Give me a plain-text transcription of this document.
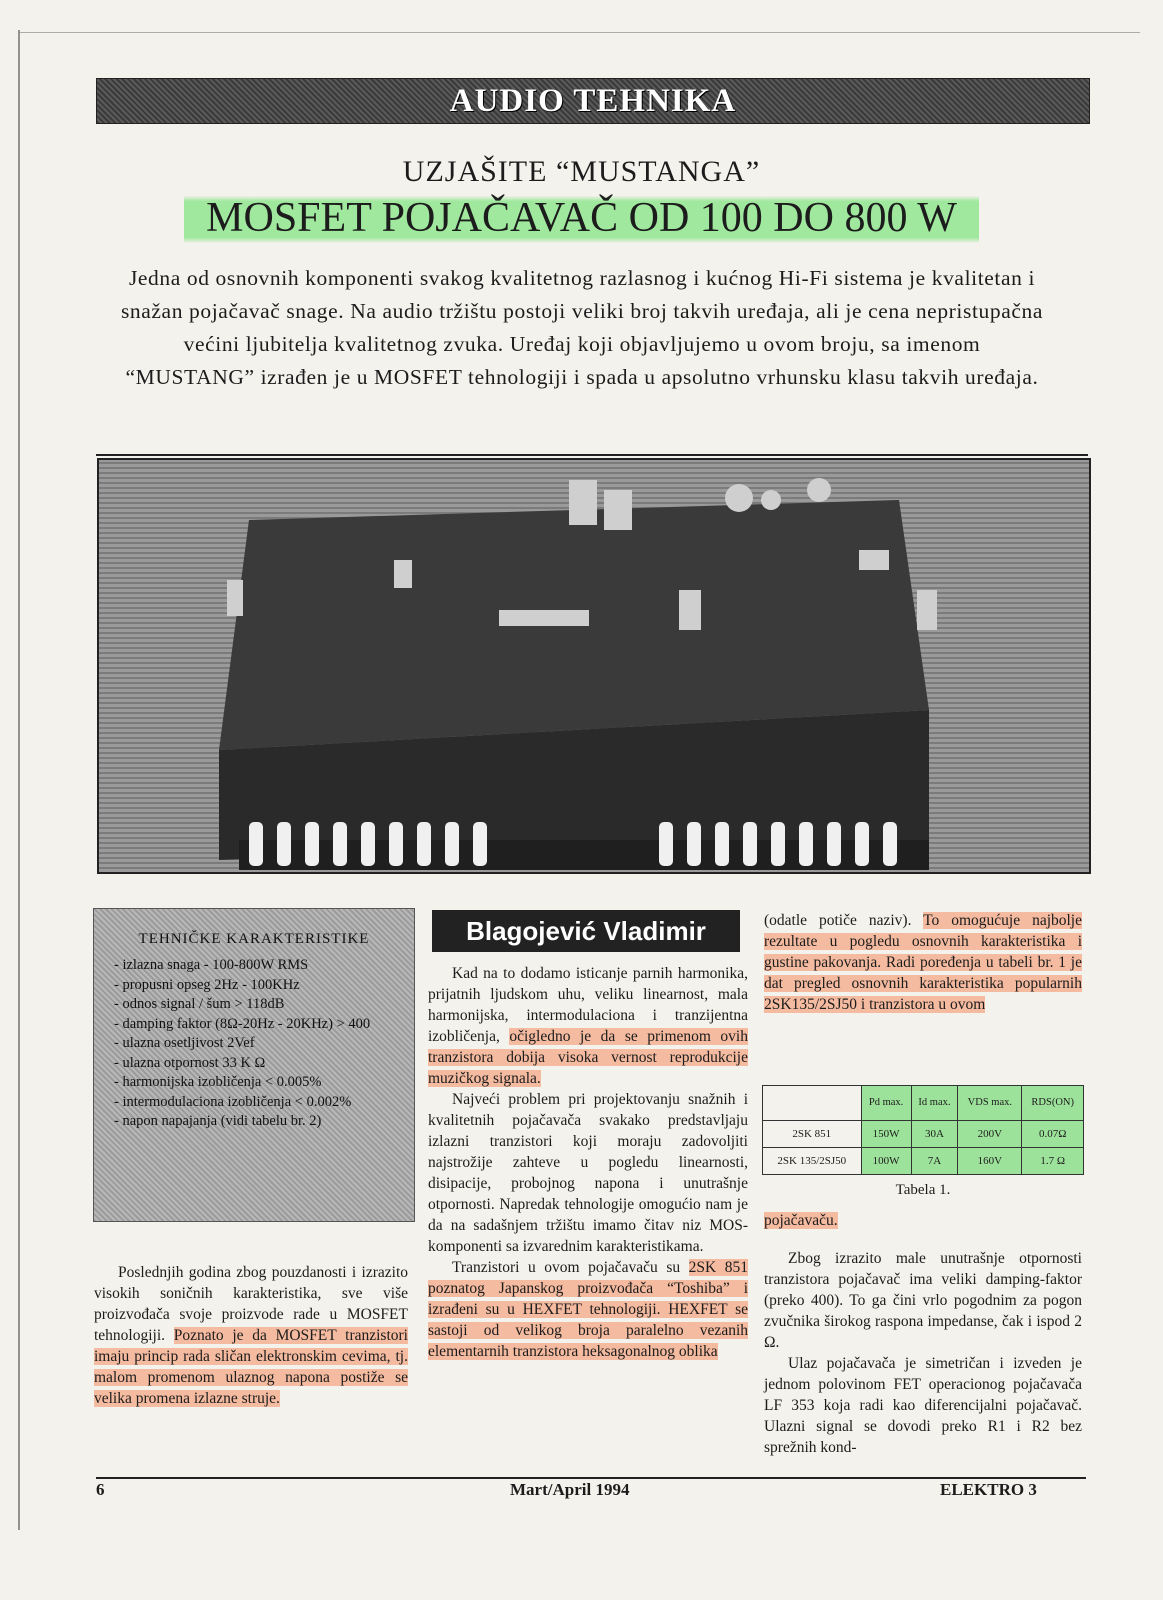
AUDIO TEHNIKA
UZJAŠITE “MUSTANGA”
MOSFET POJAČAVAČ OD 100 DO 800 W
Jedna od osnovnih komponenti svakog kvalitetnog razlasnog i kućnog Hi-Fi sistema je kvalitetan i snažan pojačavač snage. Na audio tržištu postoji veliki broj takvih uređaja, ali je cena nepristupačna većini ljubitelja kvalitetnog zvuka. Uređaj koji objavljujemo u ovom broju, sa imenom “MUSTANG” izrađen je u MOSFET tehnologiji i spada u apsolutno vrhunsku klasu takvih uređaja.
TEHNIČKE KARAKTERISTIKE
- izlazna snaga - 100-800W RMS
- propusni opseg 2Hz - 100KHz
- odnos signal / šum > 118dB
- damping faktor (8Ω-20Hz - 20KHz) > 400
- ulazna osetljivost 2Vef
- ulazna otpornost 33 K Ω
- harmonijska izobličenja < 0.005%
- intermodulaciona izobličenja < 0.002%
- napon napajanja (vidi tabelu br. 2)
Blagojević Vladimir

Poslednjih godina zbog pouzdanosti i izrazito visokih soničnih karakteristika, sve više proizvođača svoje proizvode rade u MOSFET tehnologiji. Poznato je da MOSFET tranzistori imaju princip rada sličan elektronskim cevima, tj. malom promenom ulaznog napona postiže se velika promena izlazne struje.

Kad na to dodamo isticanje parnih harmonika, prijatnih ljudskom uhu, veliku linearnost, mala harmonijska, intermodulaciona i tranzijentna izobličenja, očigledno je da se primenom ovih tranzistora dobija visoka vernost reprodukcije muzičkog signala.

Najveći problem pri projektovanju snažnih i kvalitetnih pojačavača svakako predstavljaju izlazni tranzistori koji moraju zadovoljiti najstrožije zahteve u pogledu linearnosti, disipacije, probojnog napona i unutrašnje otpornosti. Napredak tehnologije omogućio nam je da na sadašnjem tržištu imamo čitav niz MOS-komponenti sa izvarednim karakteristikama.

Tranzistori u ovom pojačavaču su 2SK 851 poznatog Japanskog proizvođača “Toshiba” i izrađeni su u HEXFET tehnologiji. HEXFET se sastoji od velikog broja paralelno vezanih elementarnih tranzistora heksagonalnog oblika

(odatle potiče naziv). To omogućuje najbolje rezultate u pogledu osnovnih karakteristika i gustine pakovanja. Radi poređenja u tabeli br. 1 je dat pregled osnovnih karakteristika popularnih 2SK135/2SJ50 i tranzistora u ovom

	Pd max.	Id max.	VDS max.	RDS(ON)
2SK 851	150W	30A	200V	0.07Ω
2SK 135/2SJ50	100W	7A	160V	1.7 Ω
Tabela 1.

pojačavaču.

Zbog izrazito male unutrašnje otpornosti tranzistora pojačavač ima veliki damping-faktor (preko 400). To ga čini vrlo pogodnim za pogon zvučnika širokog raspona impedanse, čak i ispod 2 Ω.

Ulaz pojačavača je simetričan i izveden je jednom polovinom FET operacionog pojačavača LF 353 koja radi kao diferencijalni pojačavač. Ulazni signal se dovodi preko R1 i R2 bez sprežnih kond-

6	Mart/April 1994	ELEKTRO 3
